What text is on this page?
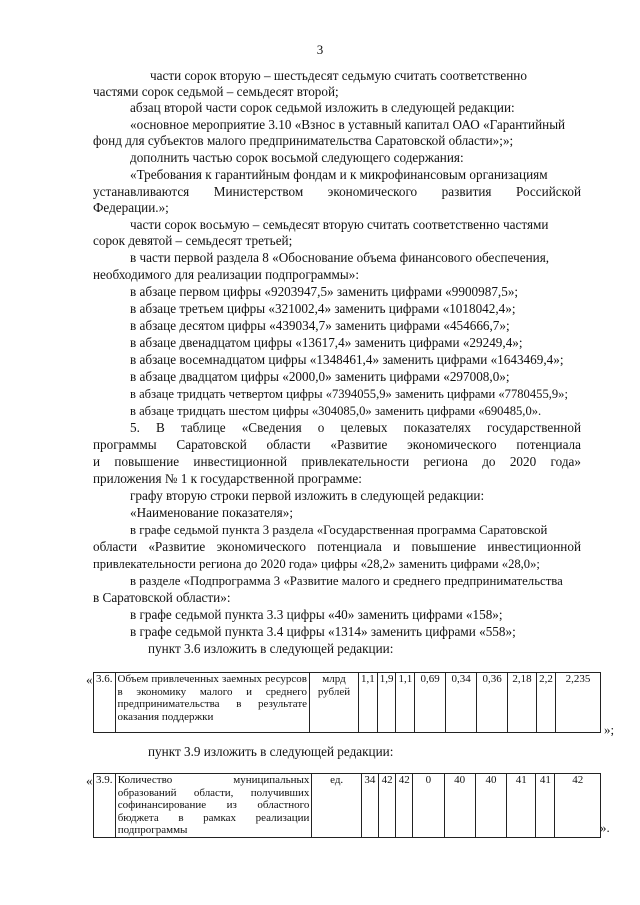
3
части сорок вторую – шестьдесят седьмую считать соответственно
частями сорок седьмой – семьдесят второй;
абзац второй части сорок седьмой изложить в следующей редакции:
«основное мероприятие 3.10 «Взнос в уставный капитал ОАО «Гарантийный
фонд для субъектов малого предпринимательства Саратовской области»;»;
дополнить частью сорок восьмой следующего содержания:
«Требования к гарантийным фондам и к микрофинансовым организациям
устанавливаются Министерством экономического развития Российской
Федерации.»;
части сорок восьмую – семьдесят вторую считать соответственно частями
сорок девятой – семьдесят третьей;
в части первой раздела 8 «Обоснование объема финансового обеспечения,
необходимого для реализации подпрограммы»:
в абзаце первом цифры «9203947,5» заменить цифрами «9900987,5»;
в абзаце третьем цифры «321002,4» заменить цифрами «1018042,4»;
в абзаце десятом цифры «439034,7» заменить цифрами «454666,7»;
в абзаце двенадцатом цифры «13617,4» заменить цифрами «29249,4»;
в абзаце восемнадцатом цифры «1348461,4» заменить цифрами «1643469,4»;
в абзаце двадцатом цифры «2000,0» заменить цифрами «297008,0»;
в абзаце тридцать четвертом цифры «7394055,9» заменить цифрами «7780455,9»;
в абзаце тридцать шестом цифры «304085,0» заменить цифрами «690485,0».
5. В таблице «Сведения о целевых показателях государственной
программы Саратовской области «Развитие экономического потенциала
и повышение инвестиционной привлекательности региона до 2020 года»
приложения № 1 к государственной программе:
графу вторую строки первой изложить в следующей редакции:
«Наименование показателя»;
в графе седьмой пункта 3 раздела «Государственная программа Саратовской
области «Развитие экономического потенциала и повышение инвестиционной
привлекательности региона до 2020 года» цифры «28,2» заменить цифрами «28,0»;
в разделе «Подпрограмма 3 «Развитие малого и среднего предпринимательства
в Саратовской области»:
в графе седьмой пункта 3.3 цифры «40» заменить цифрами «158»;
в графе седьмой пункта 3.4 цифры «1314» заменить цифрами «558»;
пункт 3.6 изложить в следующей редакции:
« 3.6.	Объем привлеченных заемных ресурсов в экономику малого и среднего предпринимательства в результате оказания поддержки	млрд рублей	1,1	1,9	1,1	0,69	0,34	0,36	2,18	2,2	2,235
»;
пункт 3.9 изложить в следующей редакции:
« 3.9.	Количество муниципальных образований области, получивших софинансирование из областного бюджета в рамках реализации подпрограммы	ед.	34	42	42	0	40	40	41	41	42
».
